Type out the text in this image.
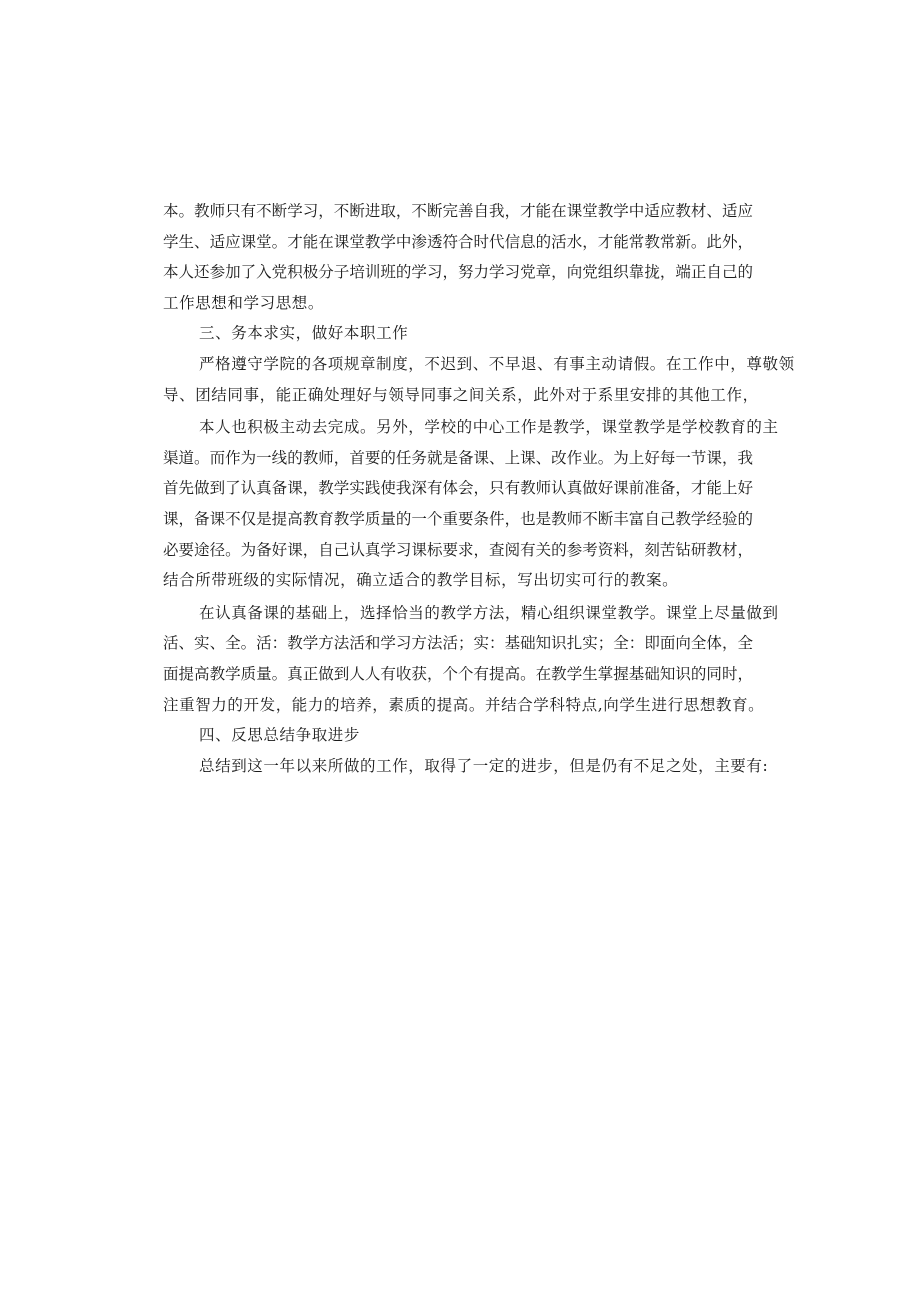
本。教师只有不断学习，不断进取，不断完善自我，才能在课堂教学中适应教材、适应
学生、适应课堂。才能在课堂教学中渗透符合时代信息的活水，才能常教常新。此外，
本人还参加了入党积极分子培训班的学习，努力学习党章，向党组织靠拢，端正自己的
工作思想和学习思想。
三、务本求实，做好本职工作
严格遵守学院的各项规章制度，不迟到、不早退、有事主动请假。在工作中，尊敬领
导、团结同事，能正确处理好与领导同事之间关系，此外对于系里安排的其他工作，
本人也积极主动去完成。另外，学校的中心工作是教学，课堂教学是学校教育的主
渠道。而作为一线的教师，首要的任务就是备课、上课、改作业。为上好每一节课，我
首先做到了认真备课，教学实践使我深有体会，只有教师认真做好课前准备，才能上好
课，备课不仅是提高教育教学质量的一个重要条件，也是教师不断丰富自己教学经验的
必要途径。为备好课，自己认真学习课标要求，查阅有关的参考资料，刻苦钻研教材，
结合所带班级的实际情况，确立适合的教学目标，写出切实可行的教案。
在认真备课的基础上，选择恰当的教学方法，精心组织课堂教学。课堂上尽量做到
活、实、全。活：教学方法活和学习方法活；实：基础知识扎实；全：即面向全体，全
面提高教学质量。真正做到人人有收获，个个有提高。在教学生掌握基础知识的同时，
注重智力的开发，能力的培养，素质的提高。并结合学科特点,向学生进行思想教育。
四、反思总结争取进步
总结到这一年以来所做的工作，取得了一定的进步，但是仍有不足之处，主要有:
